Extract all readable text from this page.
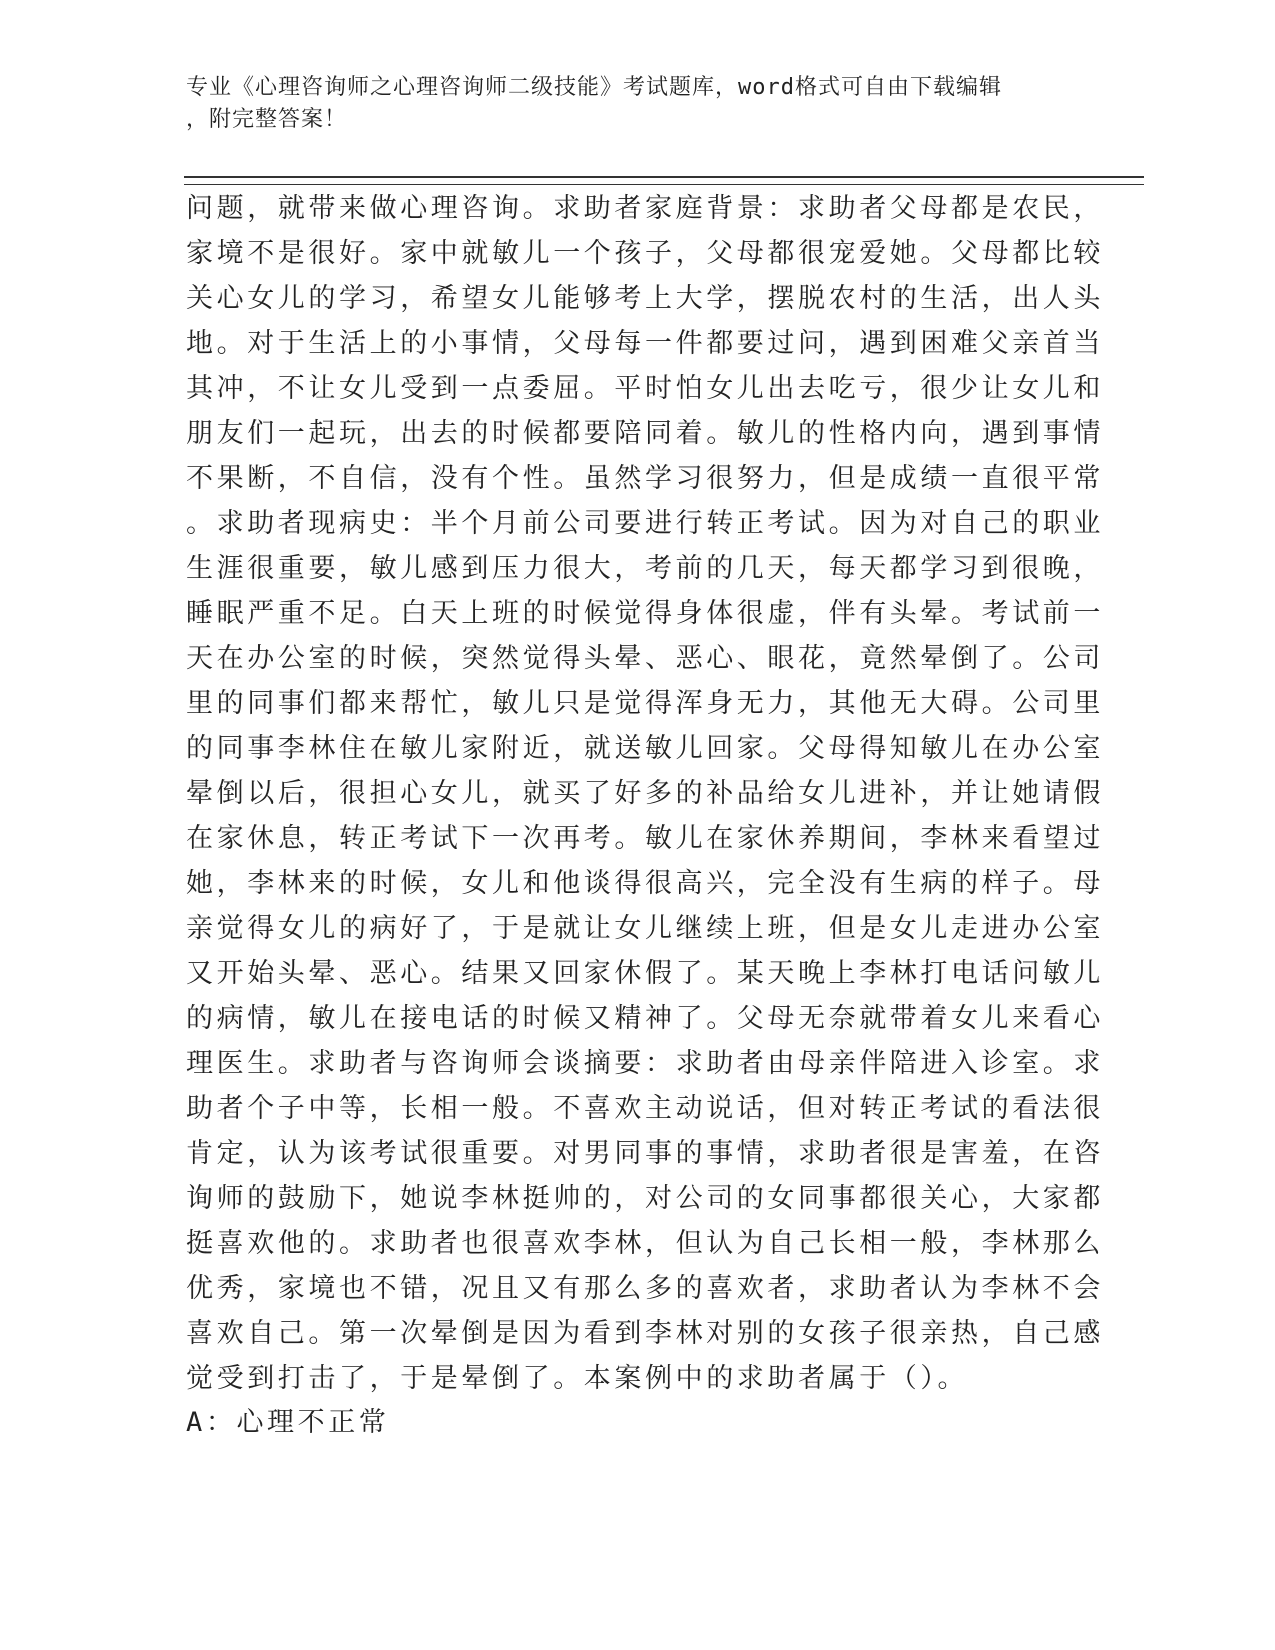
专业《心理咨询师之心理咨询师二级技能》考试题库，word格式可自由下载编辑
，附完整答案！
问题，就带来做心理咨询。求助者家庭背景：求助者父母都是农民，
家境不是很好。家中就敏儿一个孩子，父母都很宠爱她。父母都比较
关心女儿的学习，希望女儿能够考上大学，摆脱农村的生活，出人头
地。对于生活上的小事情，父母每一件都要过问，遇到困难父亲首当
其冲，不让女儿受到一点委屈。平时怕女儿出去吃亏，很少让女儿和
朋友们一起玩，出去的时候都要陪同着。敏儿的性格内向，遇到事情
不果断，不自信，没有个性。虽然学习很努力，但是成绩一直很平常
。求助者现病史：半个月前公司要进行转正考试。因为对自己的职业
生涯很重要，敏儿感到压力很大，考前的几天，每天都学习到很晚，
睡眠严重不足。白天上班的时候觉得身体很虚，伴有头晕。考试前一
天在办公室的时候，突然觉得头晕、恶心、眼花，竟然晕倒了。公司
里的同事们都来帮忙，敏儿只是觉得浑身无力，其他无大碍。公司里
的同事李林住在敏儿家附近，就送敏儿回家。父母得知敏儿在办公室
晕倒以后，很担心女儿，就买了好多的补品给女儿进补，并让她请假
在家休息，转正考试下一次再考。敏儿在家休养期间，李林来看望过
她，李林来的时候，女儿和他谈得很高兴，完全没有生病的样子。母
亲觉得女儿的病好了，于是就让女儿继续上班，但是女儿走进办公室
又开始头晕、恶心。结果又回家休假了。某天晚上李林打电话问敏儿
的病情，敏儿在接电话的时候又精神了。父母无奈就带着女儿来看心
理医生。求助者与咨询师会谈摘要：求助者由母亲伴陪进入诊室。求
助者个子中等，长相一般。不喜欢主动说话，但对转正考试的看法很
肯定，认为该考试很重要。对男同事的事情，求助者很是害羞，在咨
询师的鼓励下，她说李林挺帅的，对公司的女同事都很关心，大家都
挺喜欢他的。求助者也很喜欢李林，但认为自己长相一般，李林那么
优秀，家境也不错，况且又有那么多的喜欢者，求助者认为李林不会
喜欢自己。第一次晕倒是因为看到李林对别的女孩子很亲热，自己感
觉受到打击了，于是晕倒了。本案例中的求助者属于（）。
A：心理不正常
